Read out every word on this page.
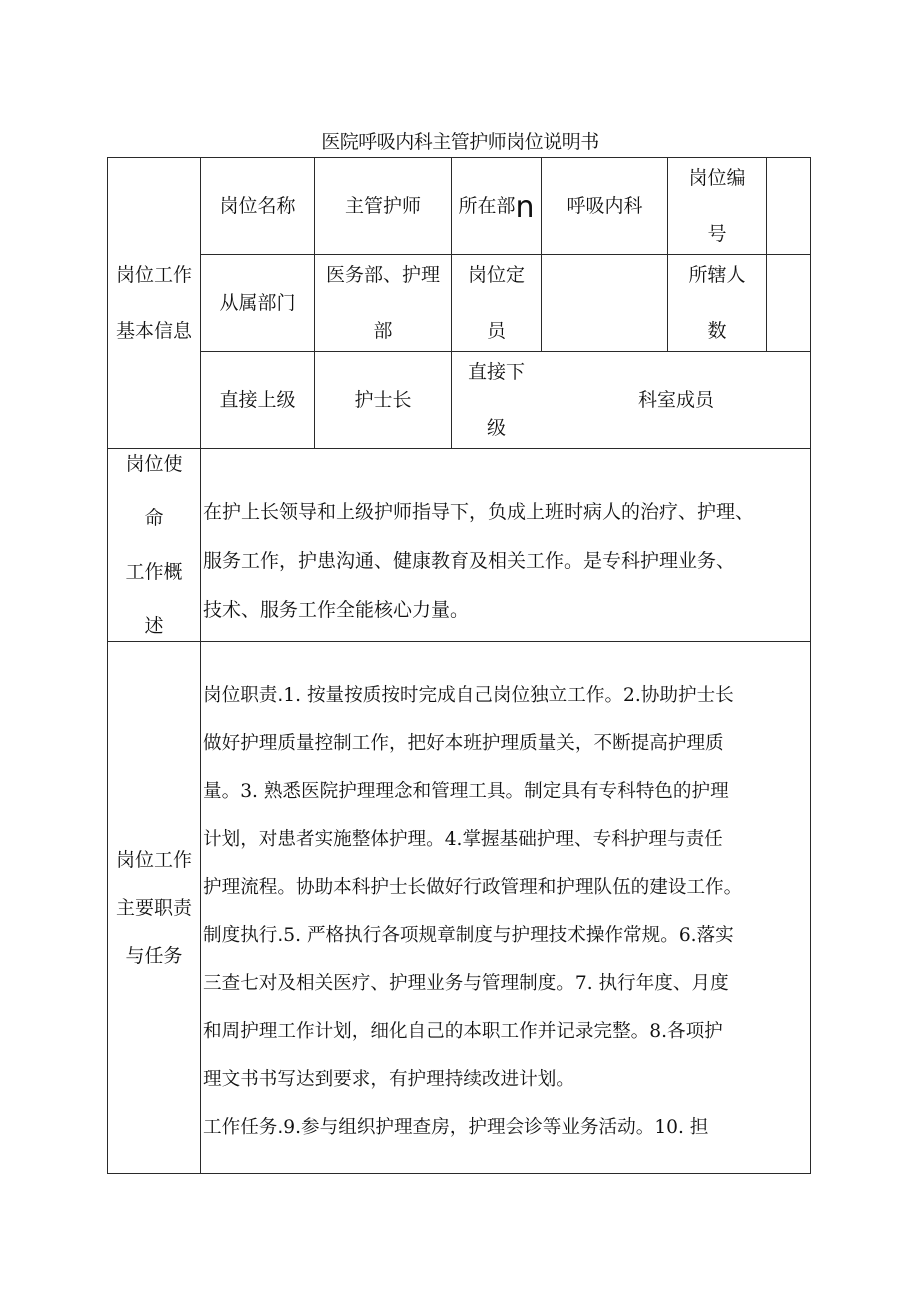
医院呼吸内科主管护师岗位说明书
岗位工作
基本信息
岗位名称	主管护师 所在部 n 呼吸内科
岗位编
号
从属部门
医务部、护理
部
岗位定
员
所辖人
数
直接上级	护士长
直接下
级
科室成员
岗位使
命
工作概
述

在护上长领导和上级护师指导下，负成上班时病人的治疗、护理、

服务工作，护患沟通、健康教育及相关工作。是专科护理业务、

技术、服务工作全能核心力量。

岗位工作
主要职责
与任务

岗位职责.1. 按量按质按时完成自己岗位独立工作。2.协助护士长

做好护理质量控制工作，把好本班护理质量关，不断提高护理质

量。3. 熟悉医院护理理念和管理工具。制定具有专科特色的护理

计划，对患者实施整体护理。4.掌握基础护理、专科护理与责任

护理流程。协助本科护士长做好行政管理和护理队伍的建设工作。

制度执行.5. 严格执行各项规章制度与护理技术操作常规。6.落实

三查七对及相关医疗、护理业务与管理制度。7. 执行年度、月度

和周护理工作计划，细化自己的本职工作并记录完整。8.各项护

理文书书写达到要求，有护理持续改进计划。

工作任务.9.参与组织护理查房，护理会诊等业务活动。10. 担
